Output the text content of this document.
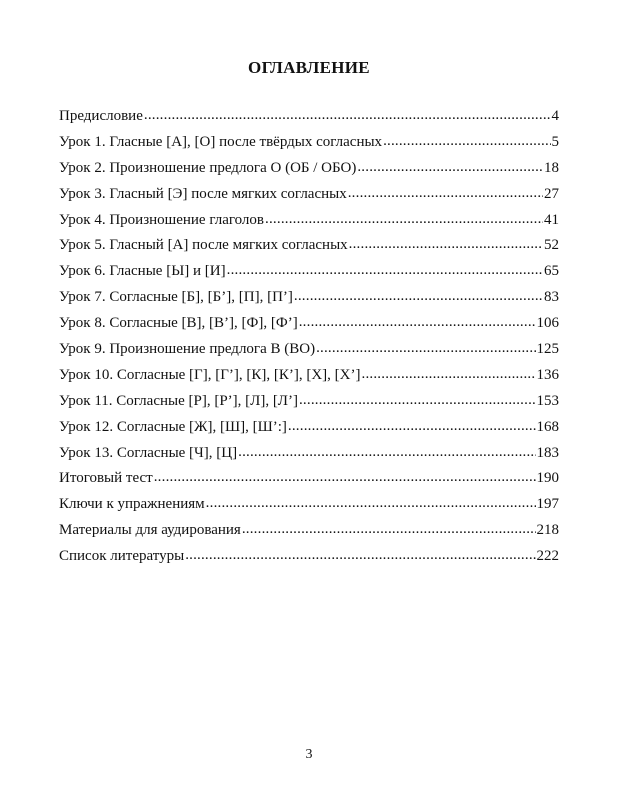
ОГЛАВЛЕНИЕ
Предисловие .....	4
Урок 1. Гласные [А], [О] после твёрдых согласных .....	5
Урок 2. Произношение предлога О (ОБ / ОБО) .....	18
Урок 3. Гласный [Э] после мягких согласных .....	27
Урок 4. Произношение глаголов .....	41
Урок 5. Гласный [А] после мягких согласных .....	52
Урок 6. Гласные [Ы] и [И] .....	65
Урок 7. Согласные [Б], [Б’], [П], [П’] .....	83
Урок 8. Согласные [В], [В’], [Ф], [Ф’] .....	106
Урок 9. Произношение предлога В (ВО) .....	125
Урок 10. Согласные [Г], [Г’], [К], [К’], [Х], [Х’] .....	136
Урок 11. Согласные [Р], [Р’], [Л], [Л’] .....	153
Урок 12. Согласные [Ж], [Ш], [Ш’:] .....	168
Урок 13. Согласные [Ч], [Ц] .....	183
Итоговый тест .....	190
Ключи к упражнениям .....	197
Материалы для аудирования .....	218
Список литературы .....	222
3
